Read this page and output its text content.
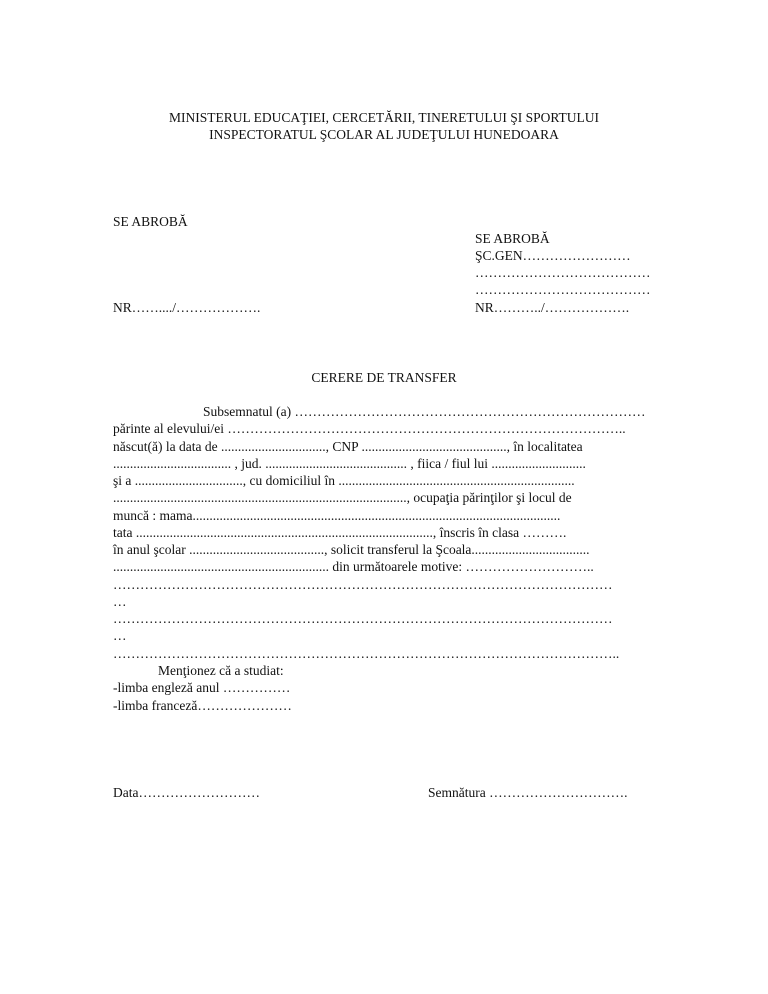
MINISTERUL EDUCAŢIEI, CERCETĂRII, TINERETULUI ŞI SPORTULUI
INSPECTORATUL ŞCOLAR AL JUDEŢULUI HUNEDOARA
SE ABROBĂ
NR……..../……………….
SE ABROBĂ
ŞC.GEN……………………
…………………………………
…………………………………
NR………../……………….
CERERE DE TRANSFER
Subsemnatul (a) ……………………………………………………………………
părinte al elevului/ei ……………………………………………………………………………..
născut(ă) la data de ..............................., CNP ..........................................., în localitatea
................................... , jud. .......................................... , fiica / fiul lui ............................
şi a ................................, cu domiciliul în ......................................................................
......................................................................................., ocupaţia părinţilor şi locul de
muncă : mama.............................................................................................................
tata ........................................................................................, înscris în clasa ……….
în anul şcolar ........................................, solicit transferul la Şcoala...................................
................................................................ din următoarele motive: ………………………..
…………………………………………………………………………………………………
…
…………………………………………………………………………………………………
…
…………………………………………………………………………………………………..
Menţionez că a studiat:
-limba engleză anul ……………
-limba franceză…………………
Data………………………	Semnătura ………………………….
